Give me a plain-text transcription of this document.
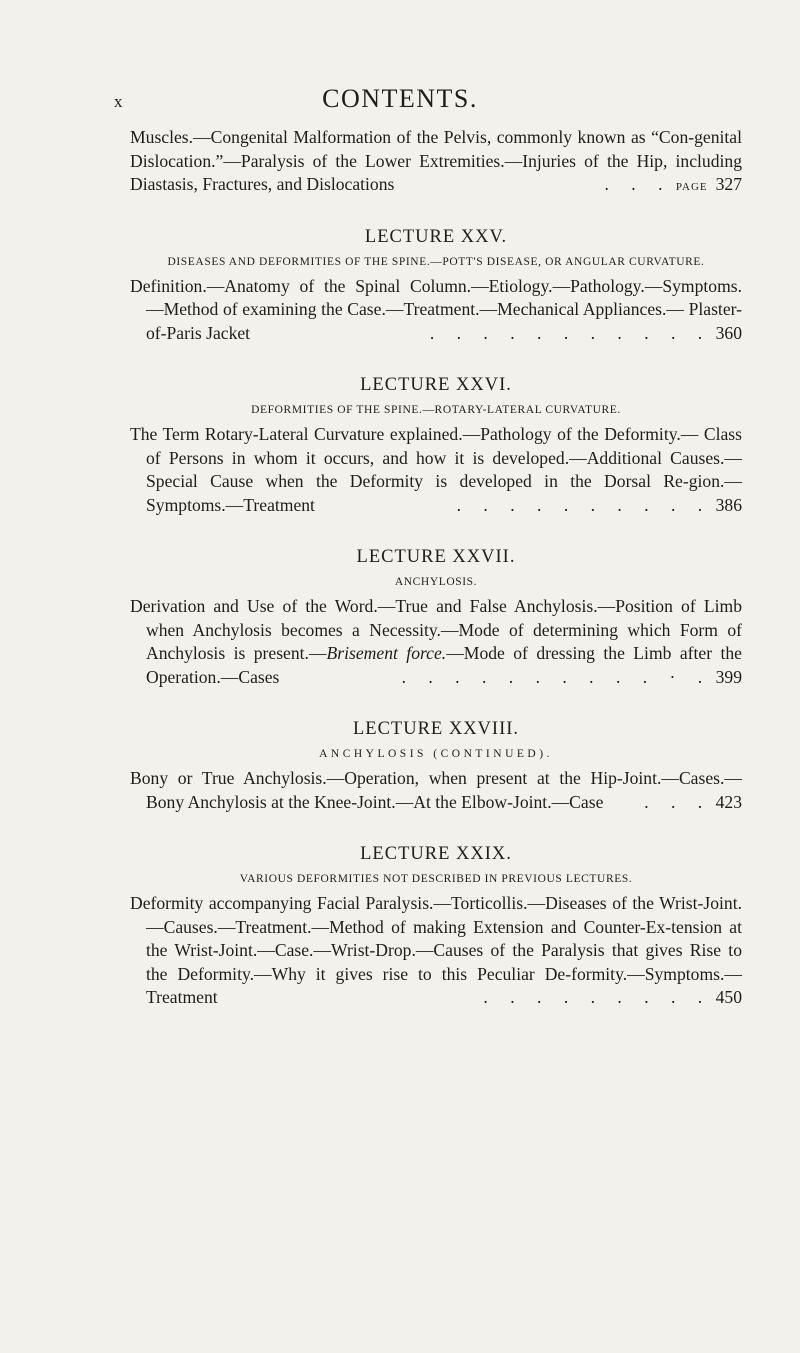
x	CONTENTS.

Muscles.—Congenital Malformation of the Pelvis, commonly known as “Con-genital Dislocation.”—Paralysis of the Lower Extremities.—Injuries of the Hip, including Diastasis, Fractures, and Dislocations	. . . page 327

LECTURE XXV.
DISEASES AND DEFORMITIES OF THE SPINE.—POTT'S DISEASE, OR ANGULAR CURVATURE.

Definition.—Anatomy of the Spinal Column.—Etiology.—Pathology.—Symptoms. —Method of examining the Case.—Treatment.—Mechanical Appliances.— Plaster-of-Paris Jacket	. . . . . . . . . . . 360

LECTURE XXVI.
DEFORMITIES OF THE SPINE.—ROTARY-LATERAL CURVATURE.

The Term Rotary-Lateral Curvature explained.—Pathology of the Deformity.— Class of Persons in whom it occurs, and how it is developed.—Additional Causes.—Special Cause when the Deformity is developed in the Dorsal Re-gion.—Symptoms.—Treatment	. . . . . . . . . . 386

LECTURE XXVII.
ANCHYLOSIS.

Derivation and Use of the Word.—True and False Anchylosis.—Position of Limb when Anchylosis becomes a Necessity.—Mode of determining which Form of Anchylosis is present.—Brisement force.—Mode of dressing the Limb after the Operation.—Cases	. . . . . . . . . . · . 399

LECTURE XXVIII.
ANCHYLOSIS (CONTINUED).

Bony or True Anchylosis.—Operation, when present at the Hip-Joint.—Cases.— Bony Anchylosis at the Knee-Joint.—At the Elbow-Joint.—Case . . . 423

LECTURE XXIX.
VARIOUS DEFORMITIES NOT DESCRIBED IN PREVIOUS LECTURES.

Deformity accompanying Facial Paralysis.—Torticollis.—Diseases of the Wrist-Joint.—Causes.—Treatment.—Method of making Extension and Counter-Ex-tension at the Wrist-Joint.—Case.—Wrist-Drop.—Causes of the Paralysis that gives Rise to the Deformity.—Why it gives rise to this Peculiar De-formity.—Symptoms.—Treatment	. . . . . . . . . 450
